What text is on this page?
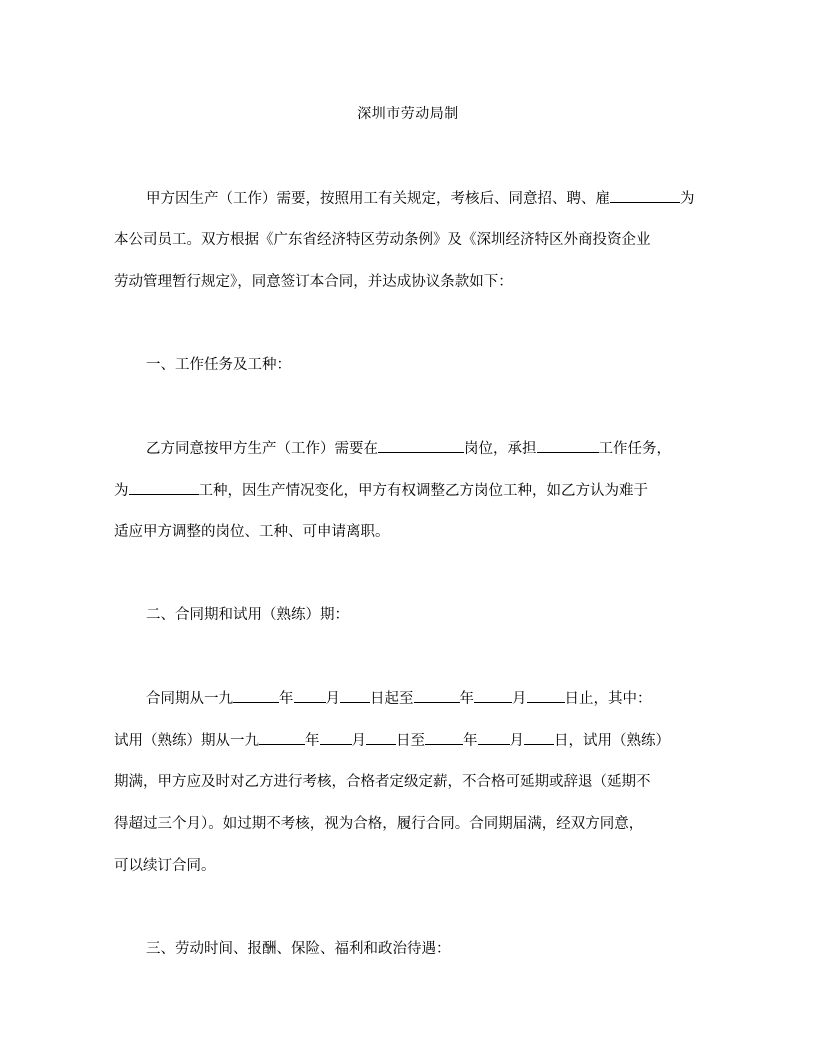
深圳市劳动局制
甲方因生产（工作）需要，按照用工有关规定，考核后、同意招、聘、雇	为
本公司员工。双方根据《广东省经济特区劳动条例》及《深圳经济特区外商投资企业
劳动管理暂行规定》，同意签订本合同，并达成协议条款如下：
一、工作任务及工种：
乙方同意按甲方生产（工作）需要在	岗位，承担	工作任务，
为	工种，因生产情况变化，甲方有权调整乙方岗位工种，如乙方认为难于
适应甲方调整的岗位、工种、可申请离职。
二、合同期和试用（熟练）期：
合同期从一九	年 月 日起至	年	月	日止，其中：
试用（熟练）期从一九	年 月 日至	年 月 日，试用（熟练）
期满，甲方应及时对乙方进行考核，合格者定级定薪，不合格可延期或辞退（延期不
得超过三个月）。如过期不考核，视为合格，履行合同。合同期届满，经双方同意，
可以续订合同。
三、劳动时间、报酬、保险、福利和政治待遇：
